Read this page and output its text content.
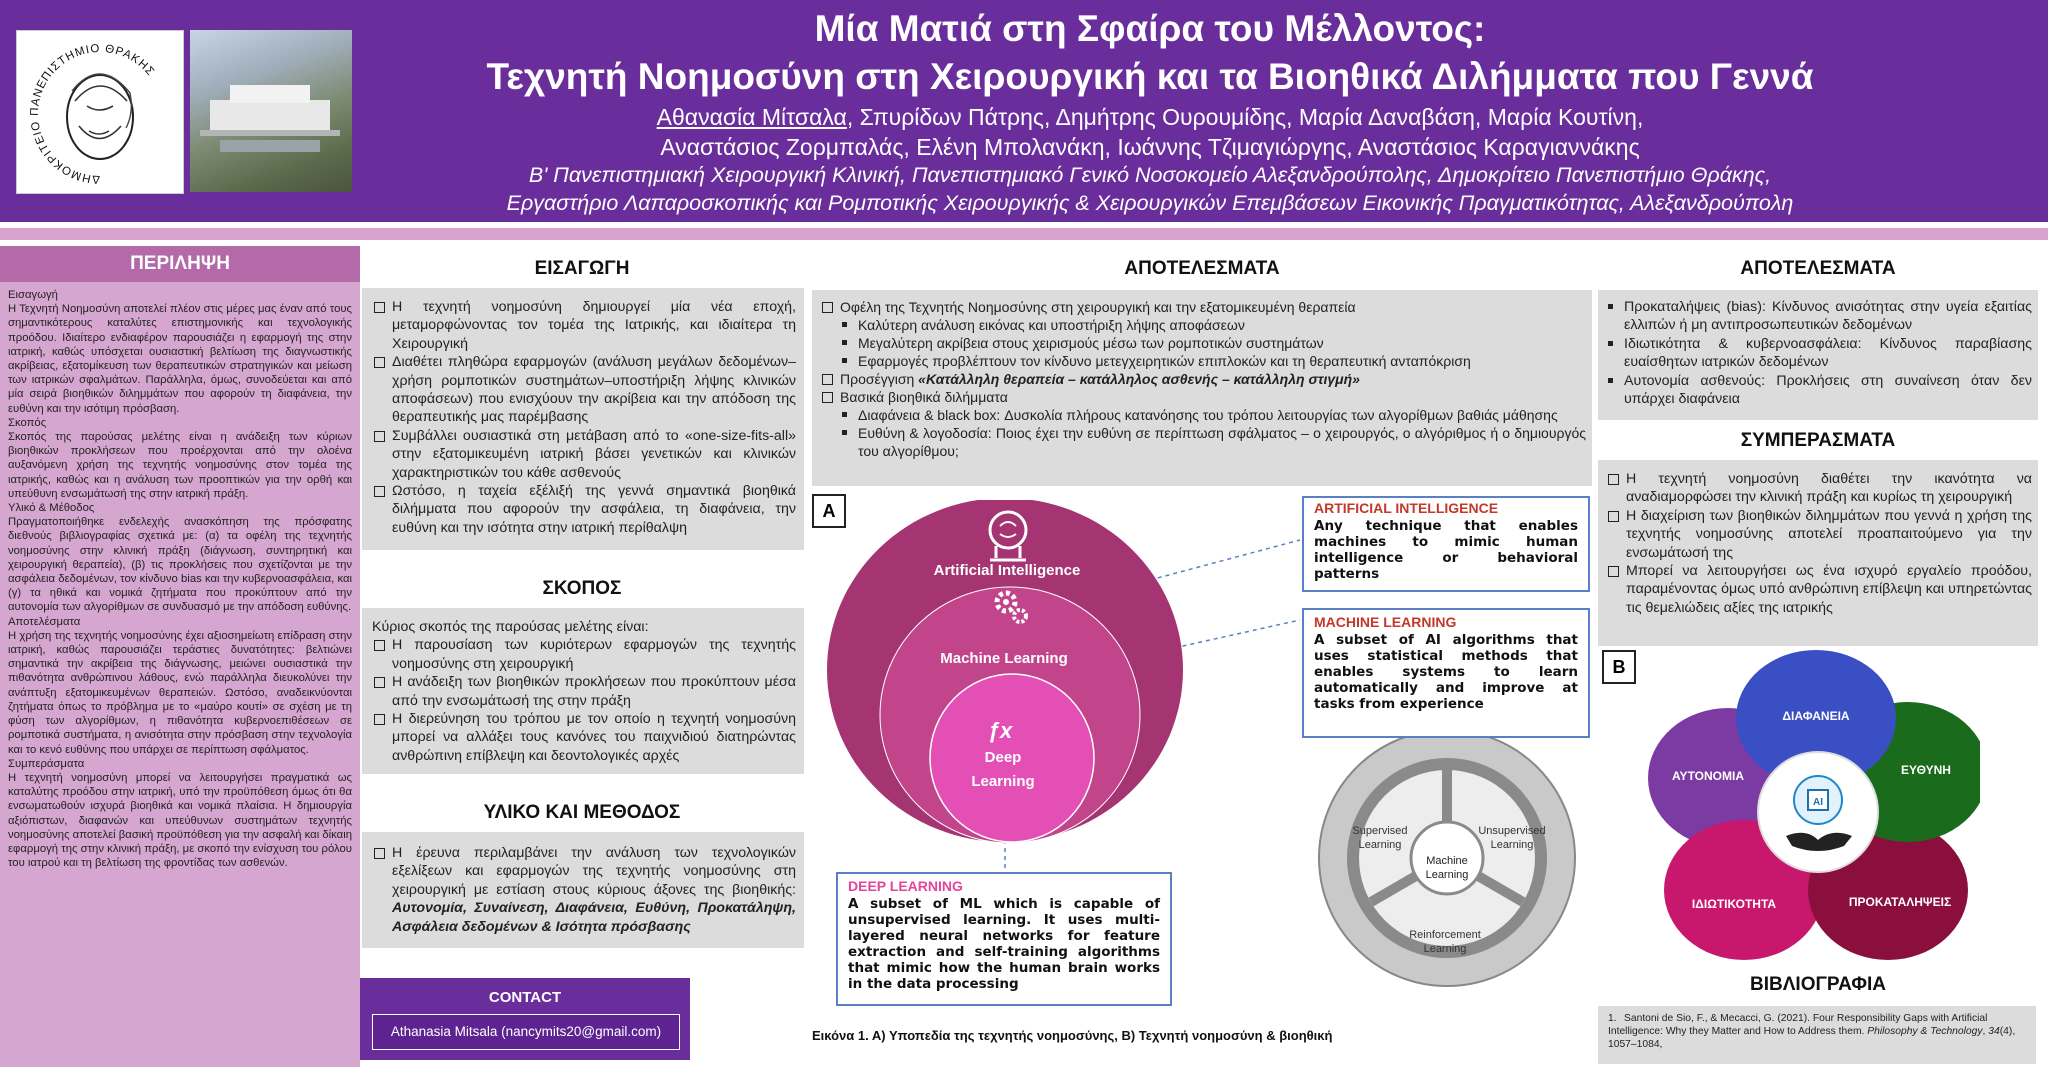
ΔΗΜΟΚΡΙΤΕΙΟ ΠΑΝΕΠΙΣΤΗΜΙΟ ΘΡΑΚΗΣ
Μία Ματιά στη Σφαίρα του Μέλλοντος:
Τεχνητή Νοημοσύνη στη Χειρουργική και τα Βιοηθικά Διλήμματα που Γεννά
Αθανασία Μίτσαλα, Σπυρίδων Πάτρης, Δημήτρης Ουρουμίδης, Μαρία Δαναβάση, Μαρία Κουτίνη,
Αναστάσιος Ζορμπαλάς, Ελένη Μπολανάκη, Ιωάννης Τζιμαγιώργης, Αναστάσιος Καραγιαννάκης
Β' Πανεπιστημιακή Χειρουργική Κλινική, Πανεπιστημιακό Γενικό Νοσοκομείο Αλεξανδρούπολης, Δημοκρίτειο Πανεπιστήμιο Θράκης,
Εργαστήριο Λαπαροσκοπικής και Ρομποτικής Χειρουργικής & Χειρουργικών Επεμβάσεων Εικονικής Πραγματικότητας, Αλεξανδρούπολη
ΠΕΡΙΛΗΨΗ

Εισαγωγή

Η Τεχνητή Νοημοσύνη αποτελεί πλέον στις μέρες μας έναν από τους σημαντικότερους καταλύτες επιστημονικής και τεχνολογικής προόδου. Ιδιαίτερο ενδιαφέρον παρουσιάζει η εφαρμογή της στην ιατρική, καθώς υπόσχεται ουσιαστική βελτίωση της διαγνωστικής ακρίβειας, εξατομίκευση των θεραπευτικών στρατηγικών και μείωση των ιατρικών σφαλμάτων. Παράλληλα, όμως, συνοδεύεται και από μία σειρά βιοηθικών διλημμάτων που αφορούν τη διαφάνεια, την ευθύνη και την ισότιμη πρόσβαση.

Σκοπός

Σκοπός της παρούσας μελέτης είναι η ανάδειξη των κύριων βιοηθικών προκλήσεων που προέρχονται από την ολοένα αυξανόμενη χρήση της τεχνητής νοημοσύνης στον τομέα της ιατρικής, καθώς και η ανάλυση των προοπτικών για την ορθή και υπεύθυνη ενσωμάτωσή της στην ιατρική πράξη.

Υλικό & Μέθοδος

Πραγματοποιήθηκε ενδελεχής ανασκόπηση της πρόσφατης διεθνούς βιβλιογραφίας σχετικά με: (α) τα οφέλη της τεχνητής νοημοσύνης στην κλινική πράξη (διάγνωση, συντηρητική και χειρουργική θεραπεία), (β) τις προκλήσεις που σχετίζονται με την ασφάλεια δεδομένων, τον κίνδυνο bias και την κυβερνοασφάλεια, και (γ) τα ηθικά και νομικά ζητήματα που προκύπτουν από την αυτονομία των αλγορίθμων σε συνδυασμό με την απόδοση ευθύνης.

Αποτελέσματα

Η χρήση της τεχνητής νοημοσύνης έχει αξιοσημείωτη επίδραση στην ιατρική, καθώς παρουσιάζει τεράστιες δυνατότητες: βελτιώνει σημαντικά την ακρίβεια της διάγνωσης, μειώνει ουσιαστικά την πιθανότητα ανθρώπινου λάθους, ενώ παράλληλα διευκολύνει την ανάπτυξη εξατομικευμένων θεραπειών. Ωστόσο, αναδεικνύονται ζητήματα όπως το πρόβλημα με το «μαύρο κουτί» σε σχέση με τη φύση των αλγορίθμων, η πιθανότητα κυβερνοεπιθέσεων σε ρομποτικά συστήματα, η ανισότητα στην πρόσβαση στην τεχνολογία και το κενό ευθύνης που υπάρχει σε περίπτωση σφάλματος.

Συμπεράσματα

Η τεχνητή νοημοσύνη μπορεί να λειτουργήσει πραγματικά ως καταλύτης προόδου στην ιατρική, υπό την προϋπόθεση όμως ότι θα ενσωματωθούν ισχυρά βιοηθικά και νομικά πλαίσια. Η δημιουργία αξιόπιστων, διαφανών και υπεύθυνων συστημάτων τεχνητής νοημοσύνης αποτελεί βασική προϋπόθεση για την ασφαλή και δίκαιη εφαρμογή της στην κλινική πράξη, με σκοπό την ενίσχυση του ρόλου του ιατρού και τη βελτίωση της φροντίδας των ασθενών.

ΕΙΣΑΓΩΓΗ
Η τεχνητή νοημοσύνη δημιουργεί μία νέα εποχή, μεταμορφώνοντας τον τομέα της Ιατρικής, και ιδιαίτερα τη Χειρουργική
Διαθέτει πληθώρα εφαρμογών (ανάλυση μεγάλων δεδομένων–χρήση ρομποτικών συστημάτων–υποστήριξη λήψης κλινικών αποφάσεων) που ενισχύουν την ακρίβεια και την απόδοση της θεραπευτικής μας παρέμβασης
Συμβάλλει ουσιαστικά στη μετάβαση από το «one-size-fits-all» στην εξατομικευμένη ιατρική βάσει γενετικών και κλινικών χαρακτηριστικών του κάθε ασθενούς
Ωστόσο, η ταχεία εξέλιξή της γεννά σημαντικά βιοηθικά διλήμματα που αφορούν την ασφάλεια, τη διαφάνεια, την ευθύνη και την ισότητα στην ιατρική περίθαλψη
ΣΚΟΠΟΣ
Κύριος σκοπός της παρούσας μελέτης είναι:
Η παρουσίαση των κυριότερων εφαρμογών της τεχνητής νοημοσύνης στη χειρουργική
Η ανάδειξη των βιοηθικών προκλήσεων που προκύπτουν μέσα από την ενσωμάτωσή της στην πράξη
Η διερεύνηση του τρόπου με τον οποίο η τεχνητή νοημοσύνη μπορεί να αλλάξει τους κανόνες του παιχνιδιού διατηρώντας ανθρώπινη επίβλεψη και δεοντολογικές αρχές
ΥΛΙΚΟ ΚΑΙ ΜΕΘΟΔΟΣ
Η έρευνα περιλαμβάνει την ανάλυση των τεχνολογικών εξελίξεων και εφαρμογών της τεχνητής νοημοσύνης στη χειρουργική με εστίαση στους κύριους άξονες της βιοηθικής: Αυτονομία, Συναίνεση, Διαφάνεια, Ευθύνη, Προκατάληψη, Ασφάλεια δεδομένων & Ισότητα πρόσβασης
CONTACT
Athanasia Mitsala (nancymits20@gmail.com)
ΑΠΟΤΕΛΕΣΜΑΤΑ
Οφέλη της Τεχνητής Νοημοσύνης στη χειρουργική και την εξατομικευμένη θεραπεία
Καλύτερη ανάλυση εικόνας και υποστήριξη λήψης αποφάσεων
Μεγαλύτερη ακρίβεια στους χειρισμούς μέσω των ρομποτικών συστημάτων
Εφαρμογές προβλέπτουν τον κίνδυνο μετεγχειρητικών επιπλοκών και τη θεραπευτική ανταπόκριση
Προσέγγιση «Κατάλληλη θεραπεία – κατάλληλος ασθενής – κατάλληλη στιγμή»
Βασικά βιοηθικά διλήμματα
Διαφάνεια & black box: Δυσκολία πλήρους κατανόησης του τρόπου λειτουργίας των αλγορίθμων βαθιάς μάθησης
Ευθύνη & λογοδοσία: Ποιος έχει την ευθύνη σε περίπτωση σφάλματος – ο χειρουργός, ο αλγόριθμος ή ο δημιουργός του αλγορίθμου;
A
Artificial Intelligence
Machine Learning
ƒx
Deep
Learning
Machine
Learning
Supervised
Learning
Unsupervised
Learning
Reinforcement
Learning
ARTIFICIAL INTELLIGENCE
Any technique that enables machines to mimic human intelligence or behavioral patterns
MACHINE LEARNING
A subset of AI algorithms that uses statistical methods that enables systems to learn automatically and improve at tasks from experience
DEEP LEARNING
A subset of ML which is capable of unsupervised learning. It uses multi-layered neural networks for feature extraction and self-training algorithms that mimic how the human brain works in the data processing
Εικόνα 1. Α) Υποπεδία της τεχνητής νοημοσύνης, Β) Τεχνητή νοημοσύνη & βιοηθική
ΑΠΟΤΕΛΕΣΜΑΤΑ
Προκαταλήψεις (bias): Κίνδυνος ανισότητας στην υγεία εξαιτίας ελλιπών ή μη αντιπροσωπευτικών δεδομένων
Ιδιωτικότητα & κυβερνοασφάλεια: Κίνδυνος παραβίασης ευαίσθητων ιατρικών δεδομένων
Αυτονομία ασθενούς: Προκλήσεις στη συναίνεση όταν δεν υπάρχει διαφάνεια
ΣΥΜΠΕΡΑΣΜΑΤΑ
Η τεχνητή νοημοσύνη διαθέτει την ικανότητα να αναδιαμορφώσει την κλινική πράξη και κυρίως τη χειρουργική
Η διαχείριση των βιοηθικών διλημμάτων που γεννά η χρήση της τεχνητής νοημοσύνης αποτελεί προαπαιτούμενο για την ενσωμάτωσή της
Μπορεί να λειτουργήσει ως ένα ισχυρό εργαλείο προόδου, παραμένοντας όμως υπό ανθρώπινη επίβλεψη και υπηρετώντας τις θεμελιώδεις αξίες της ιατρικής
B
ΔΙΑΦΑΝΕΙΑ
ΕΥΘΥΝΗ
ΑΥΤΟΝΟΜΙΑ
ΙΔΙΩΤΙΚΟΤΗΤΑ	ΠΡΟΚΑΤΑΛΗΨΕΙΣ
AI
ΒΙΒΛΙΟΓΡΑΦΙΑ
1. Santoni de Sio, F., & Mecacci, G. (2021). Four Responsibility Gaps with Artificial Intelligence: Why they Matter and How to Address them. Philosophy & Technology, 34(4), 1057–1084,
